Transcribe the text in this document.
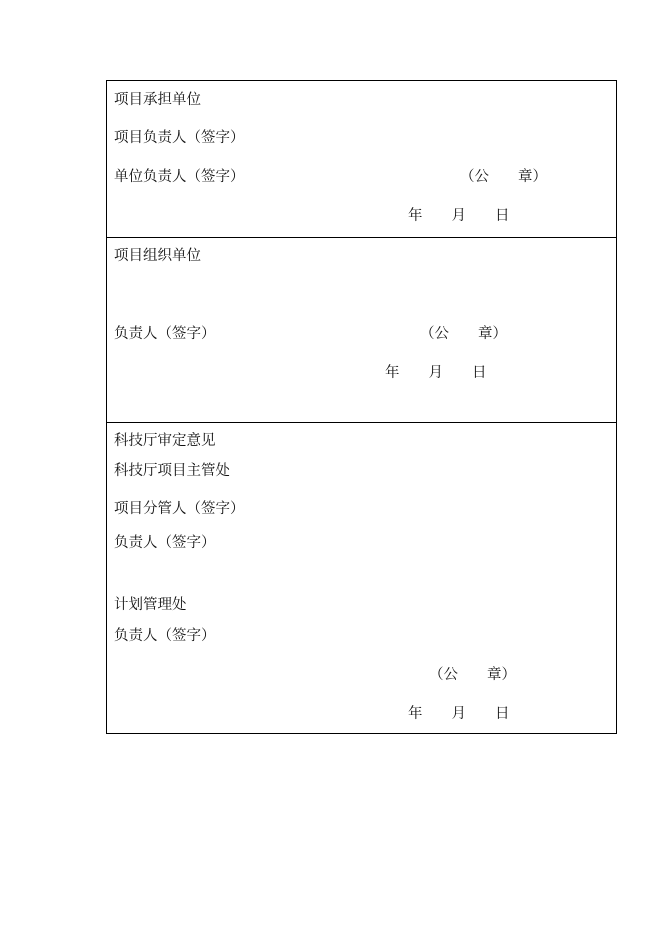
项目承担单位
项目负责人（签字）
单位负责人（签字）	（公　　章）
年　　月　　日
项目组织单位
负责人（签字）	（公　　章）
年　　月　　日
科技厅审定意见
科技厅项目主管处
项目分管人（签字）
负责人（签字）
计划管理处
负责人（签字）
（公　　章）
年　　月　　日
